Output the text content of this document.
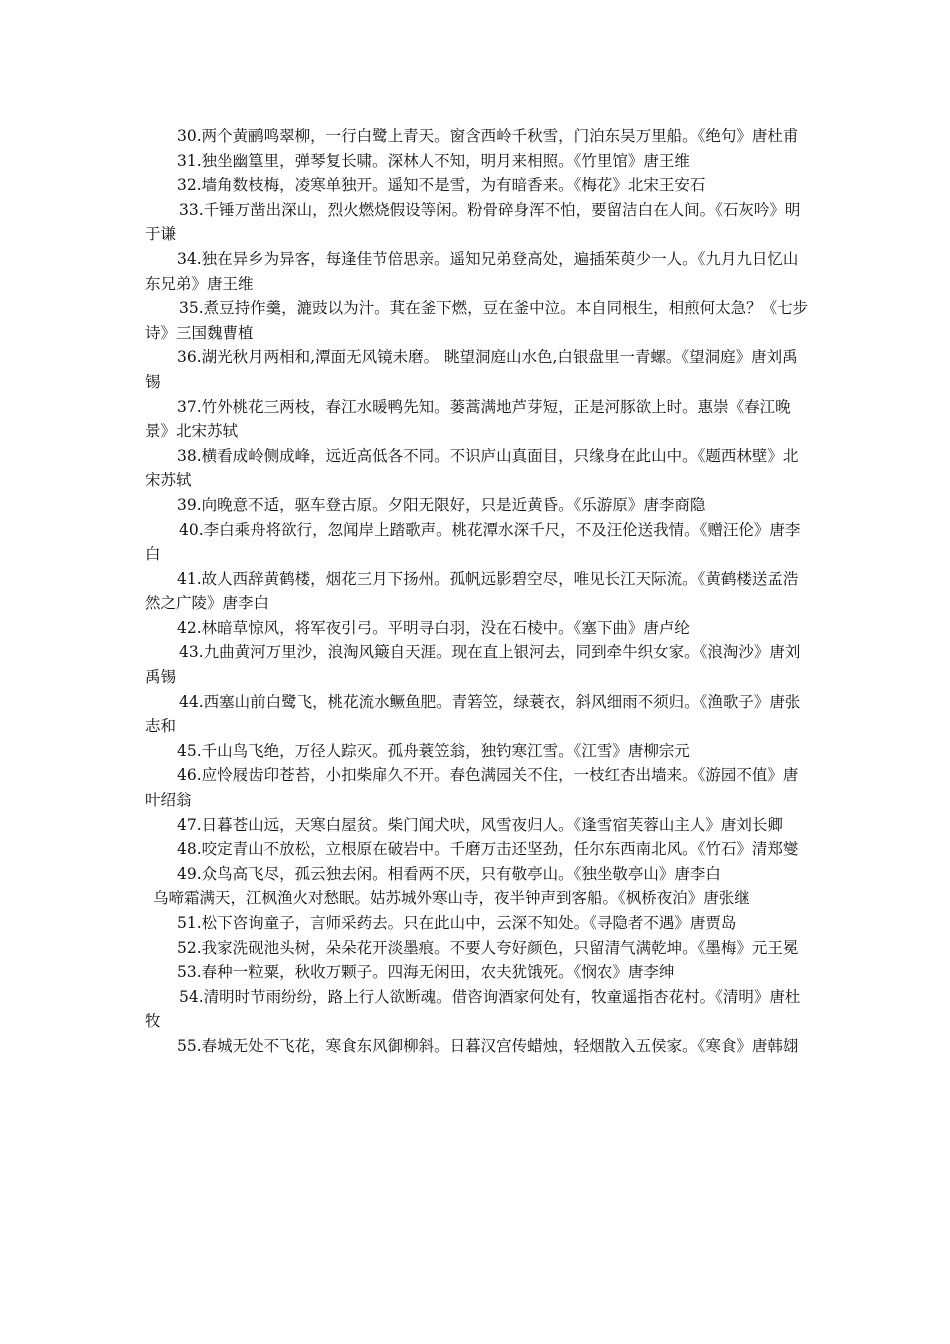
30.两个黄鹂鸣翠柳，一行白鹭上青天。窗含西岭千秋雪，门泊东吴万里船。《绝句》唐杜甫

31.独坐幽篁里，弹琴复长啸。深林人不知，明月来相照。《竹里馆》唐王维

32.墙角数枝梅，凌寒单独开。遥知不是雪，为有暗香来。《梅花》北宋王安石

33.千锤万凿出深山，烈火燃烧假设等闲。粉骨碎身浑不怕，要留洁白在人间。《石灰吟》明于谦

34.独在异乡为异客，每逢佳节倍思亲。遥知兄弟登高处，遍插茱萸少一人。《九月九日忆山东兄弟》唐王维

35.煮豆持作羹，漉豉以为汁。萁在釜下燃，豆在釜中泣。本自同根生，相煎何太急？《七步诗》三国魏曹植

36.湖光秋月两相和,潭面无风镜未磨。 眺望洞庭山水色,白银盘里一青螺。《望洞庭》唐刘禹锡

37.竹外桃花三两枝，春江水暖鸭先知。蒌蒿满地芦芽短，正是河豚欲上时。惠崇《春江晚景》北宋苏轼

38.横看成岭侧成峰，远近高低各不同。不识庐山真面目，只缘身在此山中。《题西林壁》北宋苏轼

39.向晚意不适，驱车登古原。夕阳无限好，只是近黄昏。《乐游原》唐李商隐

40.李白乘舟将欲行，忽闻岸上踏歌声。桃花潭水深千尺，不及汪伦送我情。《赠汪伦》唐李白

41.故人西辞黄鹤楼，烟花三月下扬州。孤帆远影碧空尽，唯见长江天际流。《黄鹤楼送孟浩然之广陵》唐李白

42.林暗草惊风，将军夜引弓。平明寻白羽，没在石棱中。《塞下曲》唐卢纶

43.九曲黄河万里沙，浪淘风簸自天涯。现在直上银河去，同到牵牛织女家。《浪淘沙》唐刘禹锡

44.西塞山前白鹭飞，桃花流水鳜鱼肥。青箬笠，绿蓑衣，斜风细雨不须归。《渔歌子》唐张志和

45.千山鸟飞绝，万径人踪灭。孤舟蓑笠翁，独钓寒江雪。《江雪》唐柳宗元

46.应怜屐齿印苍苔，小扣柴扉久不开。春色满园关不住，一枝红杏出墙来。《游园不值》唐叶绍翁

47.日暮苍山远，天寒白屋贫。柴门闻犬吠，风雪夜归人。《逢雪宿芙蓉山主人》唐刘长卿

48.咬定青山不放松，立根原在破岩中。千磨万击还坚劲，任尔东西南北风。《竹石》清郑燮

49.众鸟高飞尽，孤云独去闲。相看两不厌，只有敬亭山。《独坐敬亭山》唐李白

乌啼霜满天，江枫渔火对愁眠。姑苏城外寒山寺，夜半钟声到客船。《枫桥夜泊》唐张继

51.松下咨询童子，言师采药去。只在此山中，云深不知处。《寻隐者不遇》唐贾岛

52.我家洗砚池头树，朵朵花开淡墨痕。不要人夸好颜色，只留清气满乾坤。《墨梅》元王冕

53.春种一粒粟，秋收万颗子。四海无闲田，农夫犹饿死。《悯农》唐李绅

54.清明时节雨纷纷，路上行人欲断魂。借咨询酒家何处有，牧童遥指杏花村。《清明》唐杜牧

55.春城无处不飞花，寒食东风御柳斜。日暮汉宫传蜡烛，轻烟散入五侯家。《寒食》唐韩翃
